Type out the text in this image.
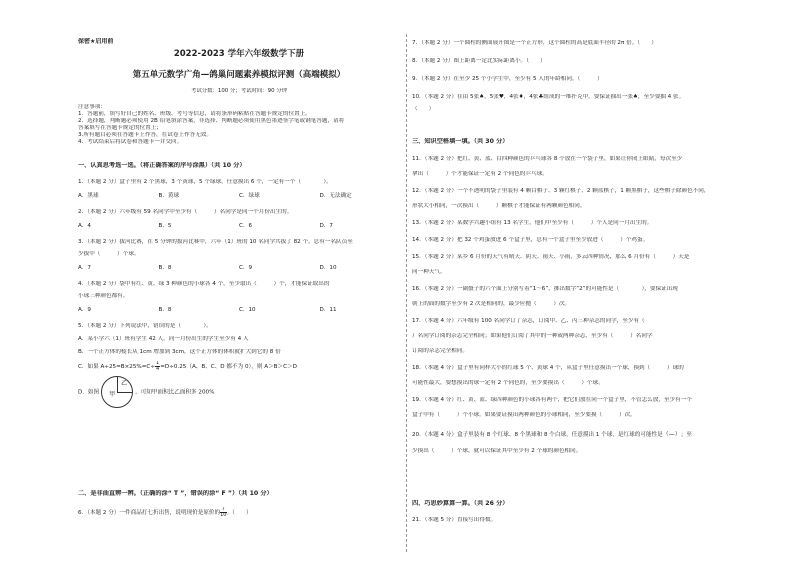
保密★启用前
2022-2023 学年六年级数学下册
第五单元数学广角—鸽巢问题素养模拟评测（高端模拟）
考试分数：100 分；考试时间：90 分钟
注意事项：
1．答题前，填写好自己的姓名、班级、考号等信息，请将条形码粘贴在答题卡规定的位置上。
2．选择题，判断题必须使用 2B 铅笔填涂答案，非选择、判断题必须使用黑色墨迹签字笔或钢笔答题，请将
答案填写在答题卡规定的位置上；
3.所有题目必须在答题卡上作答，在试卷上作答无效。
4．考试结束后将试卷和答题卡一并交回。
一、认真思考选一选。（将正确答案的序号涂黑）（共 10 分）
1．（本题 2 分）盒子里有 2 个黑球，3 个黄球，5 个绿球，任意摸出 6 个，一定有一个（　　　　）。
A．黑球	B．黄球	C．绿球	D．无法确定
2．（本题 2 分）六年级有 59 名同学中至少有（　　　）名同学是同一个月份出生的。
A．4	B．5	C．6	D．7
3．（本题 2 分）拔河比赛，在 5 分钟的拔河比赛中，六年（1）班的 10 名同学共拔了 82 个，总有一名队员至
少拔中（　　　）个球。
A．7	B．8	C．9	D．10
4．（本题 2 分）袋中有红、黄、绿 3 种颜色的小球各 4 个，至少取出（　　　）个，才能保证取出的
小球三种颜色都有。
A．9	B．8	C．10	D．11
5．（本题 2 分）下列说法中，错误的是（　　　　）。
A．某小学六（1）班有学生 42 人，同一月份出生的学生至少有 4 人
B．一个正方体的棱长从 1cm 增加到 3cm，这个正方体的体积就扩大到它的 8 倍
C．如果 $A\div 25=B\times 25\%=C\div \frac{1}{4} =D\div 0.25(A$、B、C、D 都不为 0），则 A＞B＞C＞D
D．如图 甲
乙
，可知甲面积比乙面积多 200%
二、是非曲直辨一辨。（正确的涂“ T ”，错误的涂“ F ”）（共 10 分）
6．（本题 2 分）一件商品打七折出售，说明现价是原价的 $\frac{7}{10}$ 。（　　）
7．（本题 2 分）一个圆柱的侧面展开图是一个正方形，这个圆柱的高是底面半径的 2π 倍。（　　）
8．（本题 2 分）图上距离一定比实际距离小。（　　）
9．（本题 2 分）在至少 25 个小学生中，至少有 5 人的年龄相同。（　　　）
10．（本题 2 分）在由 5张♠，5张♥，4张♦，4张♣组成的一堆扑克中，要保证抽出一张♠，至少要抽 4 张。
（　　）
三、知识空格填一填。（共 30 分）
11．（本题 2 分）把红、黄、蓝、白四种颜色的乒乓球各 8 个放在一个袋子里，如果让你闭上眼睛，每次至少
拿出（　　　）个才能保证一定有 2 个同色的乒乓球。
12．（本题 2 分）一个不透明的袋子里装有 4 颗白棋子、3 颗红棋子、2 颗蓝棋子，1 颗黑棋子，这些棋子除颜色不同，
形状大小相同，一次摸出（　　　）颗棋子才能保证有两颗颜色相同。
13．（本题 2 分）某数学兴趣小组有 13 名学生，他们中至少有（　　　）个人是同一月出生的。
14．（本题 2 分）把 32 个鸡蛋放进 6 个盒子里，总有一个盒子里至少放进（　　　）个鸡蛋。
15．（本题 2 分）某乡 6 月份的天气有晴天、阴天、雨天、小雨，多云四种情况，那么 6 月份有（　　　）天是
同一种天气。
16．（本题 2 分）一副骰子的六个面上分别写着“1～6”，掷出数字“2”的可能性是（　　　　），要保证出现
朝上的面的数字至少有 2 次是相同的，最少应抛（　　　）次。
17．（本题 4 分）六年级有 100 名同学订了杂志，订阅甲、乙、丙三种杂志的同学，至少有（　　
）名同学订阅的杂志完全相同；如果他们订阅了其中的一种或两种杂志，至少有（　　　）名同学
订阅的杂志完全相同。
18．（本题 4 分）盒子里有同样大小的红球 5 个、黄球 4 个，从盒子里任意摸出一个球，摸到（　　　）球的
可能性最大，要想摸出的球一定有 2 个同色的，至少要摸出（　　　）个球。
19．（本题 4 分）红、黄、蓝、绿四种颜色的小球各有两个，把它们放在同一个盒子里，不管怎么放，至少有一个
盒子中有（　　　）个小球。如果要证摸出两种颜色的小球相同，至少要摸（　　　）次。
20．（本题 4 分）盒子里装有 8 个红球、8 个黑球和 8 个白球，任意摸出 1 个球，是红球的可能性是（—）；至
少摸出（　　　）个球，就可以保证其中至少有 2 个球的颜色相同。
四、巧思妙算算一算。（共 26 分）
21．（本题 5 分）直接写出得数。
